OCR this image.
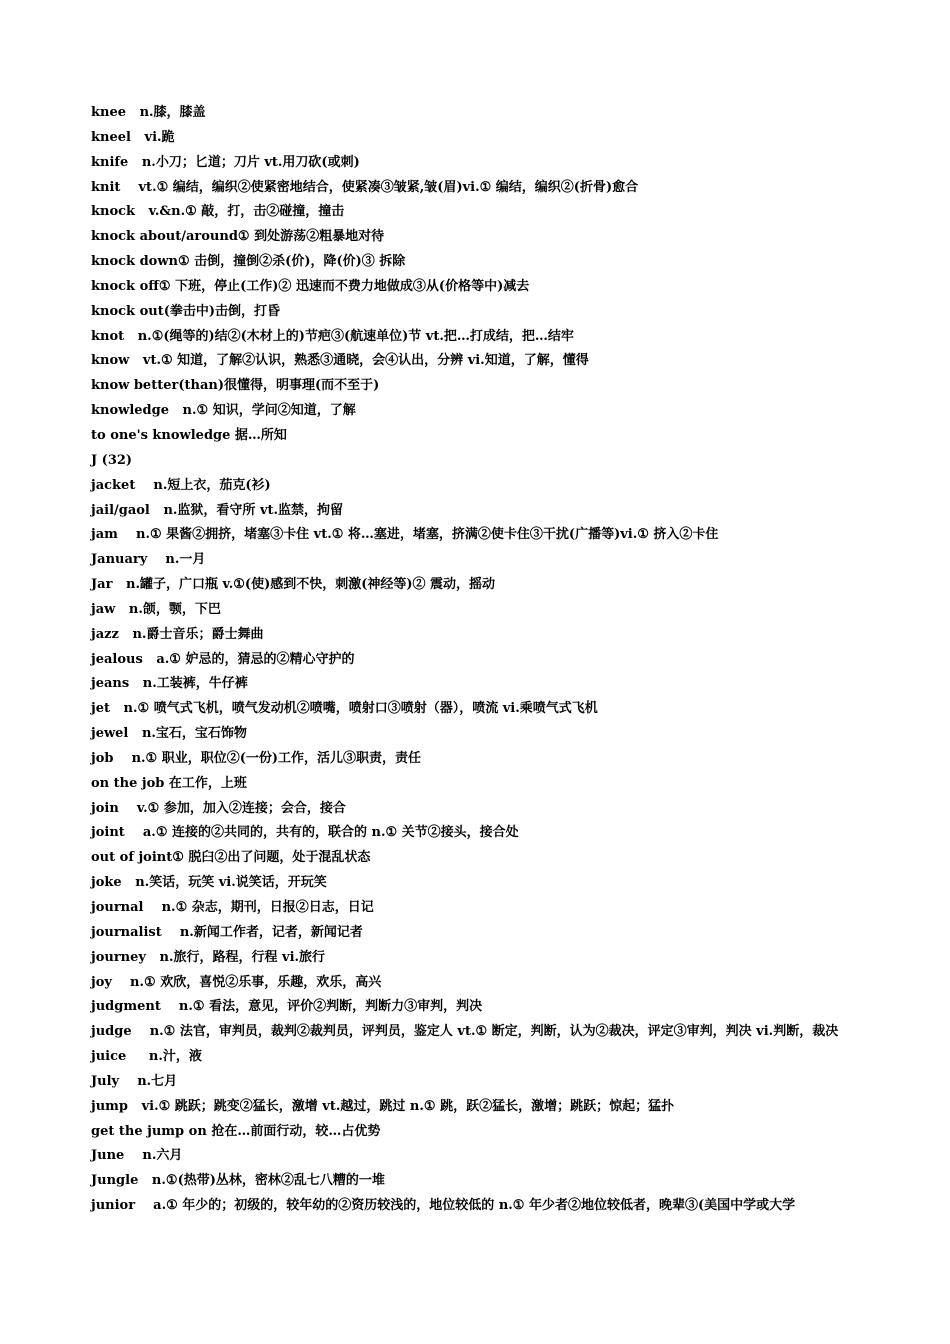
knee   n.膝，膝盖
kneel   vi.跪
knife   n.小刀；匕道；刀片 vt.用刀砍(或刺)
knit    vt.① 编结，编织②使紧密地结合，使紧凑③皱紧,皱(眉)vi.① 编结，编织②(折骨)愈合
knock   v.&n.① 敲，打，击②碰撞，撞击
knock about/around① 到处游荡②粗暴地对待
knock down① 击倒，撞倒②杀(价)，降(价)③ 拆除
knock off① 下班，停止(工作)② 迅速而不费力地做成③从(价格等中)减去
knock out(拳击中)击倒，打昏
knot   n.①(绳等的)结②(木材上的)节疤③(航速单位)节 vt.把…打成结，把…结牢
know   vt.① 知道，了解②认识，熟悉③通晓，会④认出，分辨 vi.知道，了解，懂得
know better(than)很懂得，明事理(而不至于)
knowledge   n.① 知识，学问②知道，了解
to one's knowledge 据…所知
J (32)
jacket    n.短上衣，茄克(衫)
jail/gaol   n.监狱，看守所 vt.监禁，拘留
jam    n.① 果酱②拥挤，堵塞③卡住 vt.① 将…塞进，堵塞，挤满②使卡住③干扰(广播等)vi.① 挤入②卡住
January    n.一月
Jar   n.罐子，广口瓶 v.①(使)感到不快，刺激(神经等)② 震动，摇动
jaw   n.颌，颚，下巴
jazz   n.爵士音乐；爵士舞曲
jealous   a.① 妒忌的，猜忌的②精心守护的
jeans   n.工装裤，牛仔裤
jet   n.① 喷气式飞机，喷气发动机②喷嘴，喷射口③喷射（器），喷流 vi.乘喷气式飞机
jewel   n.宝石，宝石饰物
job    n.① 职业，职位②(一份)工作，活儿③职责，责任
on the job 在工作，上班
join    v.① 参加，加入②连接；会合，接合
joint    a.① 连接的②共同的，共有的，联合的 n.① 关节②接头，接合处
out of joint① 脱臼②出了问题，处于混乱状态
joke   n.笑话，玩笑 vi.说笑话，开玩笑
journal    n.① 杂志，期刊，日报②日志，日记
journalist    n.新闻工作者，记者，新闻记者
journey   n.旅行，路程，行程 vi.旅行
joy    n.① 欢欣，喜悦②乐事，乐趣，欢乐，高兴
judgment    n.① 看法，意见，评价②判断，判断力③审判，判决
judge    n.① 法官，审判员，裁判②裁判员，评判员，鉴定人 vt.① 断定，判断，认为②裁决，评定③审判，判决 vi.判断，裁决
juice     n.汁，液
July    n.七月
jump   vi.① 跳跃；跳变②猛长，激增 vt.越过，跳过 n.① 跳，跃②猛长，激增；跳跃；惊起；猛扑
get the jump on 抢在…前面行动，较…占优势
June    n.六月
Jungle   n.①(热带)丛林，密林②乱七八糟的一堆
junior    a.① 年少的；初级的，较年幼的②资历较浅的，地位较低的 n.① 年少者②地位较低者，晚辈③(美国中学或大学
